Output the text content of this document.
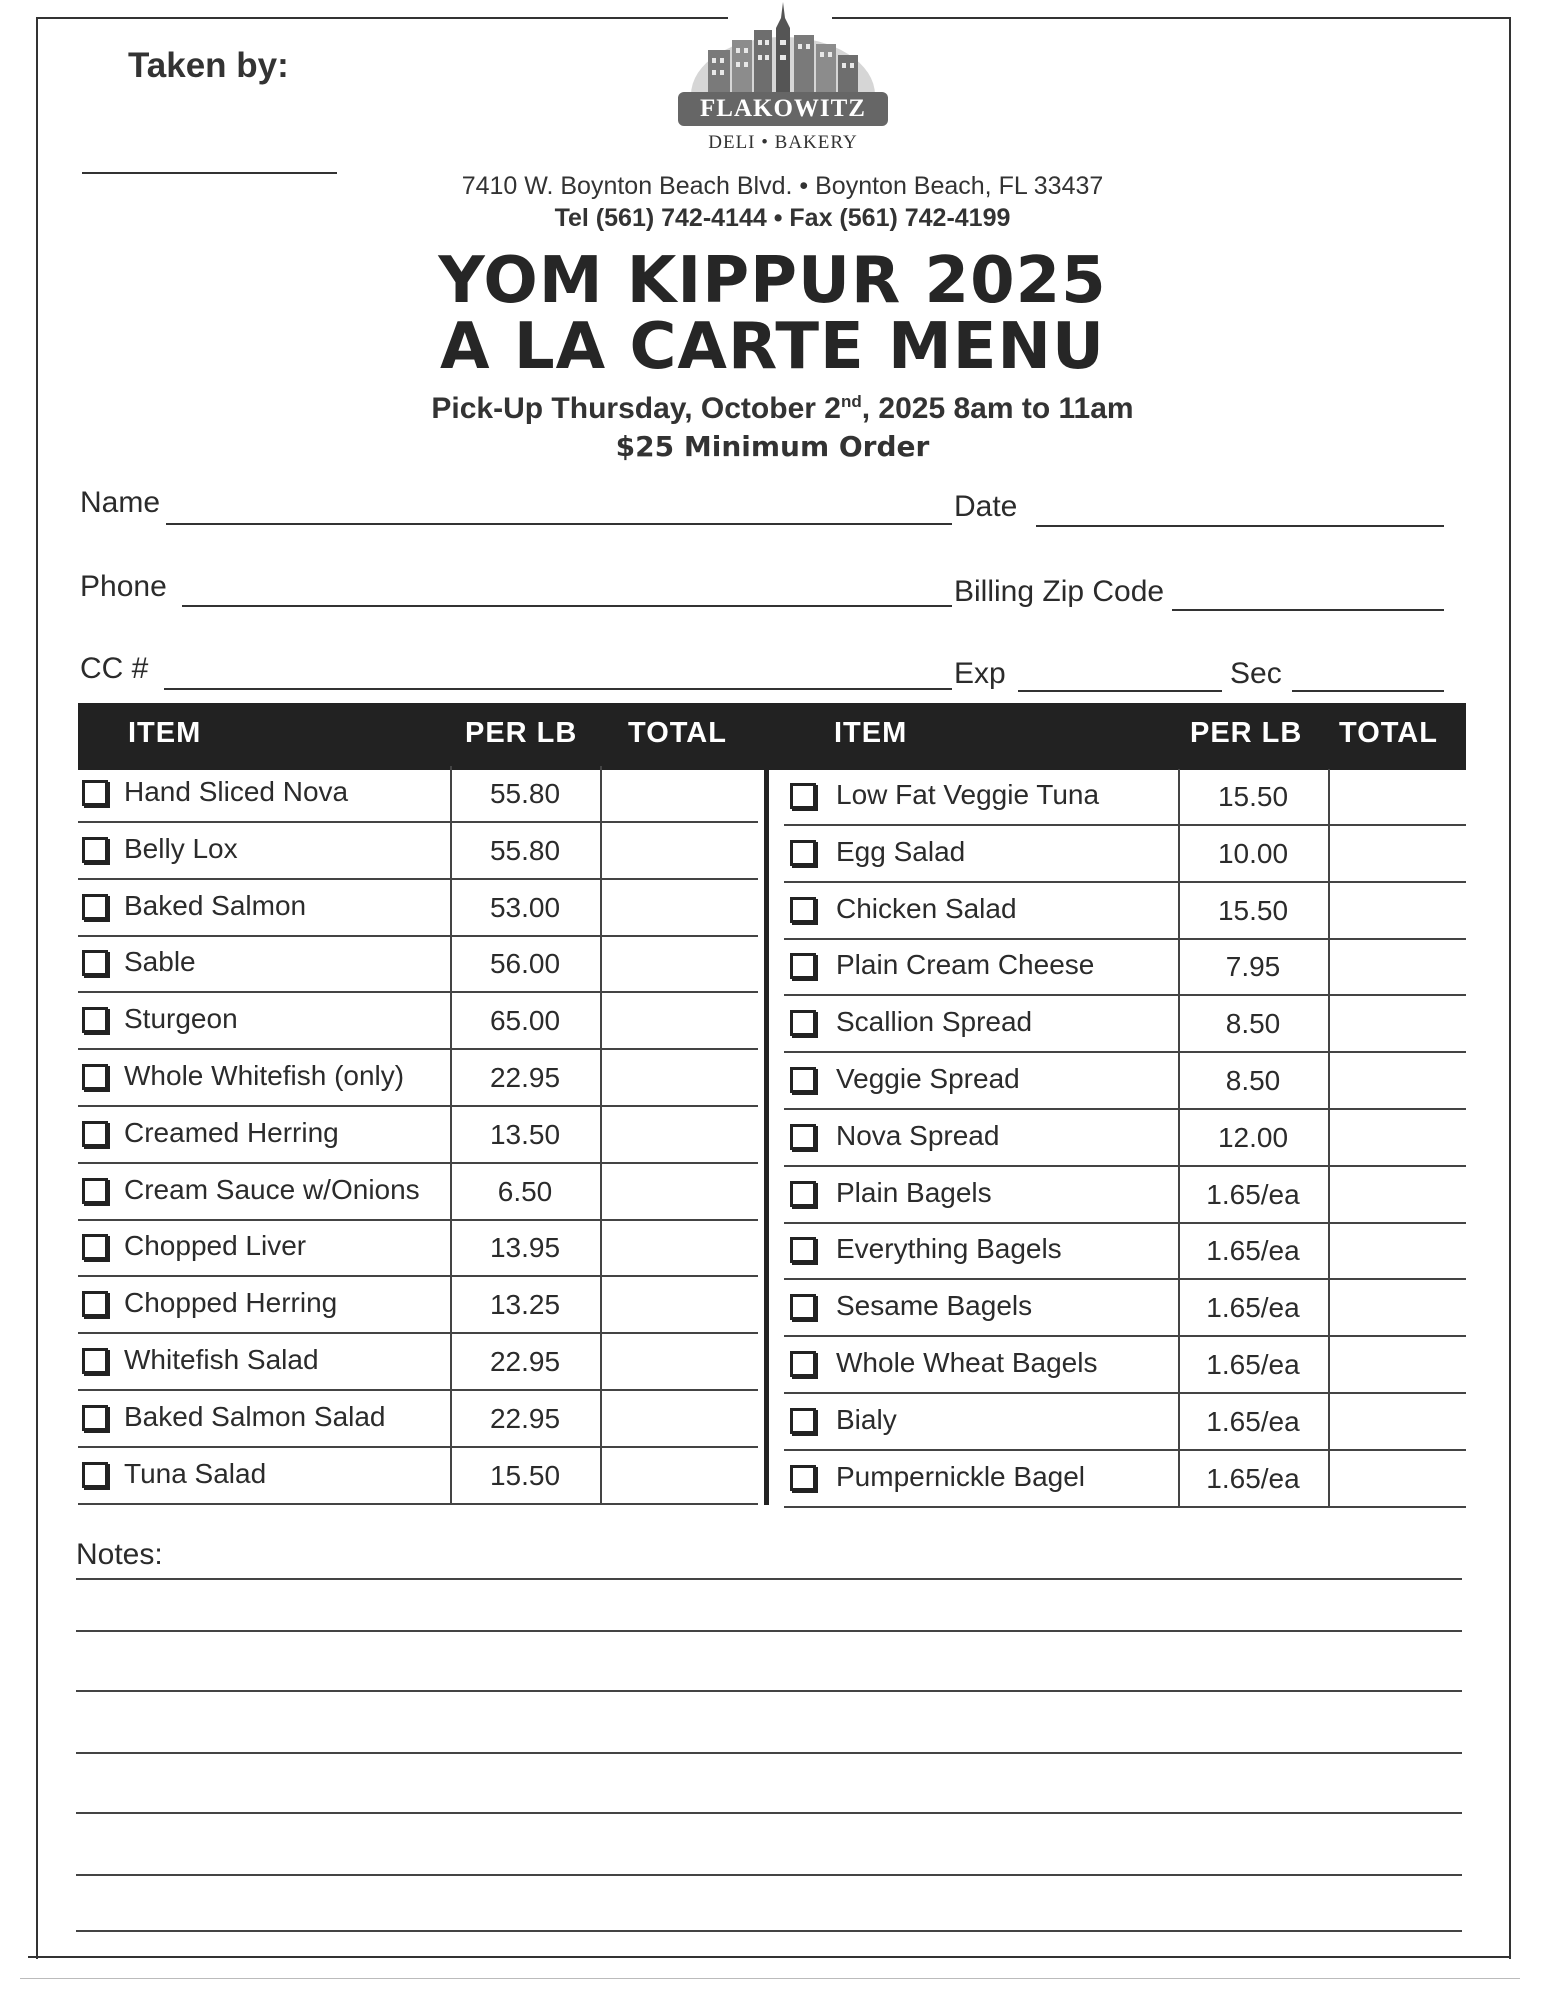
Taken by:
FLAKOWITZ
DELI • BAKERY
7410 W. Boynton Beach Blvd. • Boynton Beach, FL 33437
Tel (561) 742-4144 • Fax (561) 742-4199
YOM KIPPUR 2025
A LA CARTE MENU
Pick-Up Thursday, October 2nd, 2025 8am to 11am
$25 Minimum Order
Name	Date
Phone	Billing Zip Code
CC #	Exp	Sec
ITEM	PER LB TOTAL	ITEM	PER LB TOTAL
Hand Sliced Nova	55.80
Belly Lox	55.80
Baked Salmon	53.00
Sable	56.00
Sturgeon	65.00
Whole Whitefish (only)	22.95
Creamed Herring	13.50
Cream Sauce w/Onions	6.50
Chopped Liver	13.95
Chopped Herring	13.25
Whitefish Salad	22.95
Baked Salmon Salad	22.95
Tuna Salad	15.50
Low Fat Veggie Tuna	15.50
Egg Salad	10.00
Chicken Salad	15.50
Plain Cream Cheese	7.95
Scallion Spread	8.50
Veggie Spread	8.50
Nova Spread	12.00
Plain Bagels	1.65/ea
Everything Bagels	1.65/ea
Sesame Bagels	1.65/ea
Whole Wheat Bagels	1.65/ea
Bialy	1.65/ea
Pumpernickle Bagel	1.65/ea
Notes:
